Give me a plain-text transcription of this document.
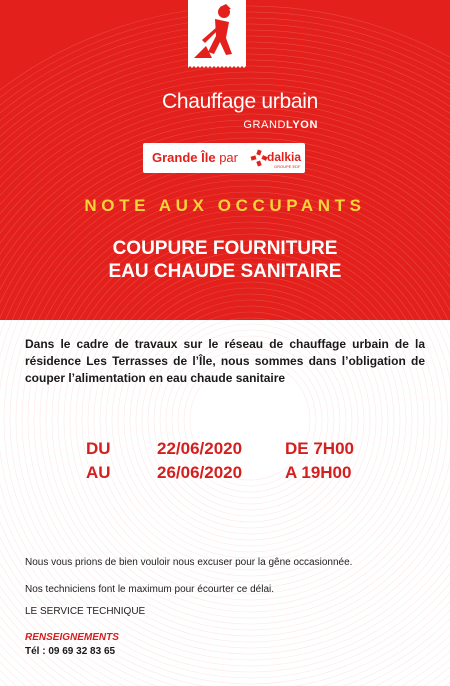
Chauffage urbain
GRANDLYON
Grande Île par dalkia
GROUPE EDF
NOTE AUX OCCUPANTS
COUPURE FOURNITURE
EAU CHAUDE SANITAIRE
Dans le cadre de travaux sur le réseau de chauffage urbain de la résidence Les Terrasses de l’Île, nous sommes dans l’obligation de couper l’alimentation en eau chaude sanitaire
DU	22/06/2020	DE 7H00
AU	26/06/2020	A 19H00
Nous vous prions de bien vouloir nous excuser pour la gêne occasionnée.
Nos techniciens font le maximum pour écourter ce délai.
LE SERVICE TECHNIQUE
RENSEIGNEMENTS
Tél : 09 69 32 83 65
